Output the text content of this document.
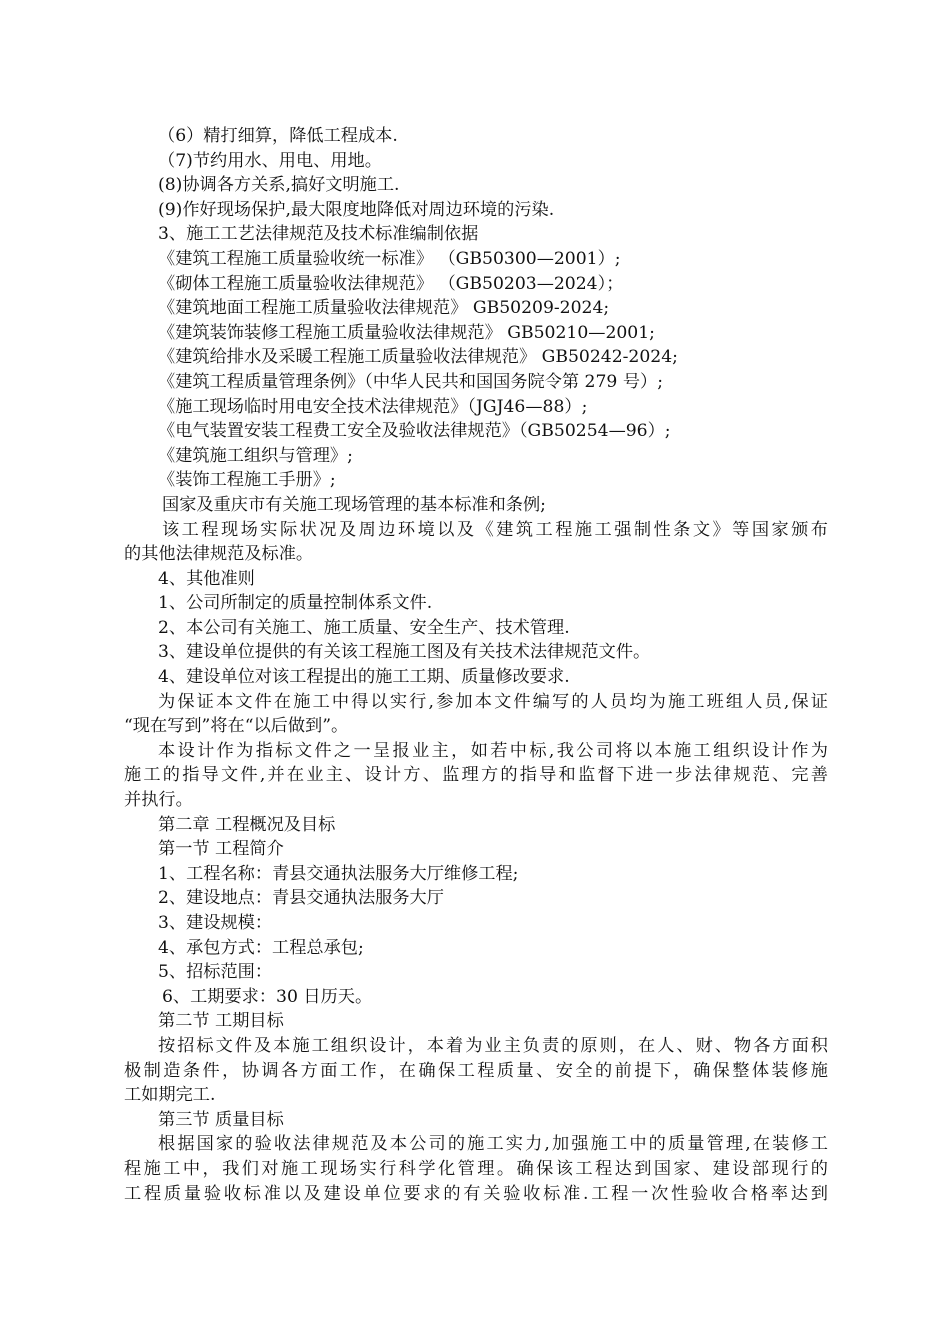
（6）精打细算，降低工程成本.
（7)节约用水、用电、用地。
(8)协调各方关系,搞好文明施工.
(9)作好现场保护,最大限度地降低对周边环境的污染.
3、施工工艺法律规范及技术标准编制依据
《建筑工程施工质量验收统一标准》 （GB50300—2001）;
《砌体工程施工质量验收法律规范》 （GB50203—2024）；
《建筑地面工程施工质量验收法律规范》 GB50209-2024;
《建筑装饰装修工程施工质量验收法律规范》 GB50210—2001;
《建筑给排水及采暖工程施工质量验收法律规范》 GB50242-2024;
《建筑工程质量管理条例》（中华人民共和国国务院令第 279 号）;
《施工现场临时用电安全技术法律规范》（JGJ46—88）;
《电气装置安装工程费工安全及验收法律规范》（GB50254—96）;
《建筑施工组织与管理》;
《装饰工程施工手册》;
国家及重庆市有关施工现场管理的基本标准和条例;
该工程现场实际状况及周边环境以及《建筑工程施工强制性条文》等国家颁布
的其他法律规范及标准。
4、其他准则
1、公司所制定的质量控制体系文件.
2、本公司有关施工、施工质量、安全生产、技术管理.
3、建设单位提供的有关该工程施工图及有关技术法律规范文件。
4、建设单位对该工程提出的施工工期、质量修改要求.
为保证本文件在施工中得以实行,参加本文件编写的人员均为施工班组人员,保证
“现在写到”将在“以后做到”。
本设计作为指标文件之一呈报业主，如若中标,我公司将以本施工组织设计作为
施工的指导文件,并在业主、设计方、监理方的指导和监督下进一步法律规范、完善
并执行。
第二章 工程概况及目标
第一节 工程简介
1、工程名称：青县交通执法服务大厅维修工程;
2、建设地点：青县交通执法服务大厅
3、建设规模：
4、承包方式：工程总承包;
5、招标范围：
6、工期要求：30 日历天。
第二节 工期目标
按招标文件及本施工组织设计，本着为业主负责的原则，在人、财、物各方面积
极制造条件，协调各方面工作，在确保工程质量、安全的前提下，确保整体装修施
工如期完工.
第三节 质量目标
根据国家的验收法律规范及本公司的施工实力,加强施工中的质量管理,在装修工
程施工中，我们对施工现场实行科学化管理。确保该工程达到国家、建设部现行的
工程质量验收标准以及建设单位要求的有关验收标准.工程一次性验收合格率达到
